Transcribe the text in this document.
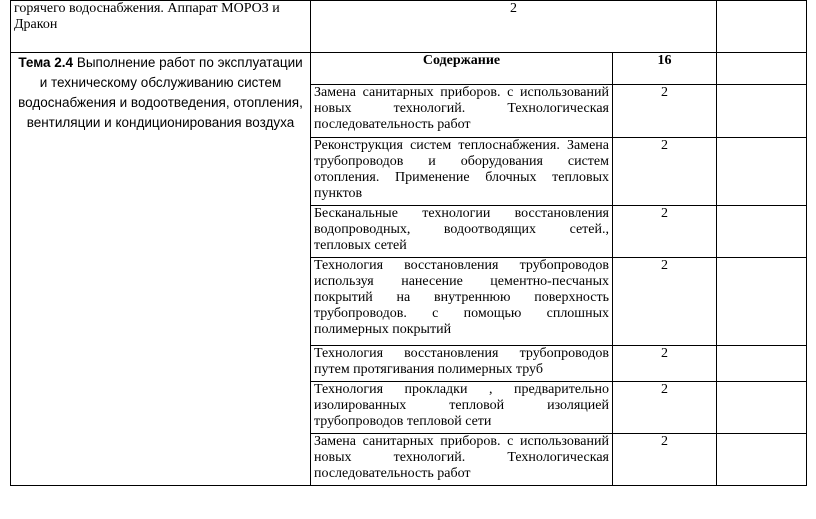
горячего водоснабжения. Аппарат МОРОЗ и Дракон	2		
Тема 2.4 Выполнение работ по эксплуатации и техническому обслуживанию систем водоснабжения и водоотведения, отопления, вентиляции и кондиционирования воздуха	Содержание	16	
	Замена санитарных приборов. с использований новых технологий. Технологическая последовательность работ	2	
	Реконструкция систем теплоснабжения. Замена трубопроводов и оборудования систем отопления. Применение блочных тепловых пунктов	2	
	Бесканальные технологии восстановления водопроводных, водоотводящих сетей., тепловых сетей	2	
	Технология восстановления трубопроводов используя нанесение цементно-песчаных покрытий на внутреннюю поверхность трубопроводов. с помощью сплошных полимерных покрытий	2	
	Технология восстановления трубопроводов путем протягивания полимерных труб	2	
	Технология прокладки , предварительно изолированных тепловой изоляцией трубопроводов тепловой сети	2	
	Замена санитарных приборов. с использований новых технологий. Технологическая последовательность работ	2	
